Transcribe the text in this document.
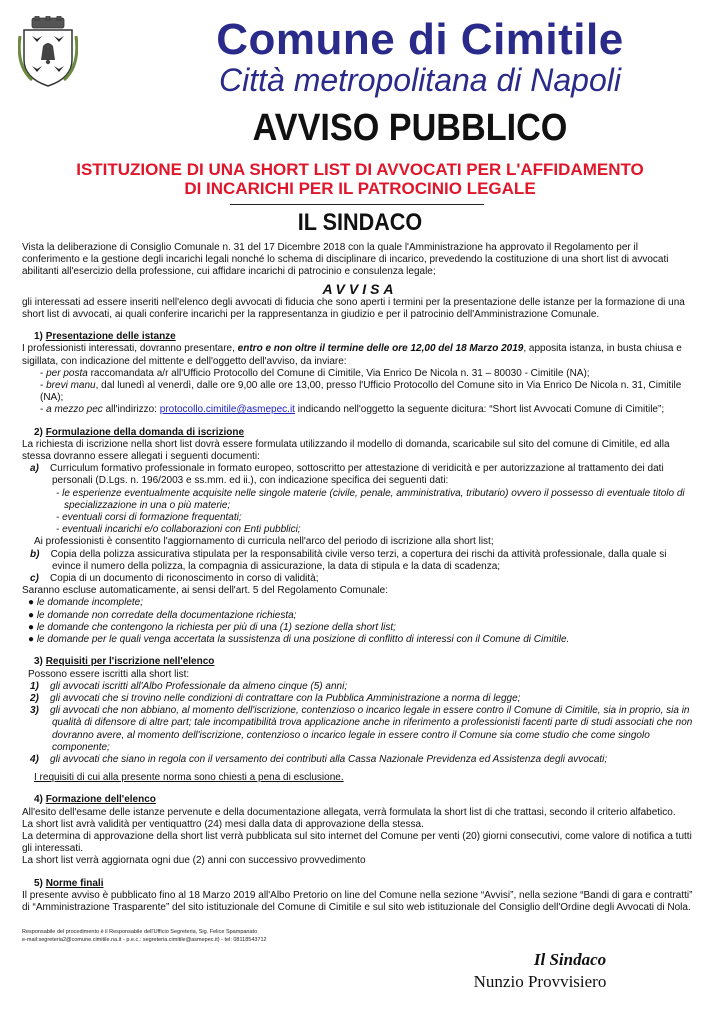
Comune di Cimitile
Città metropolitana di Napoli
AVVISO PUBBLICO
ISTITUZIONE DI UNA SHORT LIST DI AVVOCATI PER L'AFFIDAMENTO
DI INCARICHI PER IL PATROCINIO LEGALE
IL SINDACO

Vista la deliberazione di Consiglio Comunale n. 31 del 17 Dicembre 2018 con la quale l'Amministrazione ha approvato il Regolamento per il conferimento e la gestione degli incarichi legali nonché lo schema di disciplinare di incarico, prevedendo la costituzione di una short list di avvocati abilitanti all'esercizio della professione, cui affidare incarichi di patrocinio e consulenza legale;

AVVISA

gli interessati ad essere inseriti nell'elenco degli avvocati di fiducia che sono aperti i termini per la presentazione delle istanze per la formazione di una short list di avvocati, ai quali conferire incarichi per la rappresentanza in giudizio e per il patrocinio dell'Amministrazione Comunale.

1) Presentazione delle istanze

I professionisti interessati, dovranno presentare, entro e non oltre il termine delle ore 12,00 del 18 Marzo 2019, apposita istanza, in busta chiusa e sigillata, con indicazione del mittente e dell'oggetto dell'avviso, da inviare:

- per posta raccomandata a/r all'Ufficio Protocollo del Comune di Cimitile, Via Enrico De Nicola n. 31 – 80030 - Cimitile (NA);

- brevi manu, dal lunedì al venerdì, dalle ore 9,00 alle ore 13,00, presso l'Ufficio Protocollo del Comune sito in Via Enrico De Nicola n. 31, Cimitile (NA);

- a mezzo pec all'indirizzo: protocollo.cimitile@asmepec.it indicando nell'oggetto la seguente dicitura: “Short list Avvocati Comune di Cimitile”;

2) Formulazione della domanda di iscrizione

La richiesta di iscrizione nella short list dovrà essere formulata utilizzando il modello di domanda, scaricabile sul sito del comune di Cimitile, ed alla stessa dovranno essere allegati i seguenti documenti:

a) Curriculum formativo professionale in formato europeo, sottoscritto per attestazione di veridicità e per autorizzazione al trattamento dei dati personali (D.Lgs. n. 196/2003 e ss.mm. ed ii.), con indicazione specifica dei seguenti dati:

- le esperienze eventualmente acquisite nelle singole materie (civile, penale, amministrativa, tributario) ovvero il possesso di eventuale titolo di specializzazione in una o più materie;

- eventuali corsi di formazione frequentati;

- eventuali incarichi e/o collaborazioni con Enti pubblici;

Ai professionisti è consentito l'aggiornamento di curricula nell'arco del periodo di iscrizione alla short list;

b) Copia della polizza assicurativa stipulata per la responsabilità civile verso terzi, a copertura dei rischi da attività professionale, dalla quale si evince il numero della polizza, la compagnia di assicurazione, la data di stipula e la data di scadenza;

c) Copia di un documento di riconoscimento in corso di validità;

Saranno escluse automaticamente, ai sensi dell'art. 5 del Regolamento Comunale:

● le domande incomplete;

● le domande non corredate della documentazione richiesta;

● le domande che contengono la richiesta per più di una (1) sezione della short list;

● le domande per le quali venga accertata la sussistenza di una posizione di conflitto di interessi con il Comune di Cimitile.

3) Requisiti per l'iscrizione nell'elenco

Possono essere iscritti alla short list:

1) gli avvocati iscritti all'Albo Professionale da almeno cinque (5) anni;

2) gli avvocati che si trovino nelle condizioni di contrattare con la Pubblica Amministrazione a norma di legge;

3) gli avvocati che non abbiano, al momento dell'iscrizione, contenzioso o incarico legale in essere contro il Comune di Cimitile, sia in proprio, sia in qualità di difensore di altre part; tale incompatibilità trova applicazione anche in riferimento a professionisti facenti parte di studi associati che non dovranno avere, al momento dell'iscrizione, contenzioso o incarico legale in essere contro il Comune sia come studio che come singolo componente;

4) gli avvocati che siano in regola con il versamento dei contributi alla Cassa Nazionale Previdenza ed Assistenza degli avvocati;

I requisiti di cui alla presente norma sono chiesti a pena di esclusione.

4) Formazione dell'elenco

All'esito dell'esame delle istanze pervenute e della documentazione allegata, verrà formulata la short list di che trattasi, secondo il criterio alfabetico.

La short list avrà validità per ventiquattro (24) mesi dalla data di approvazione della stessa.

La determina di approvazione della short list verrà pubblicata sul sito internet del Comune per venti (20) giorni consecutivi, come valore di notifica a tutti gli interessati.

La short list verrà aggiornata ogni due (2) anni con successivo provvedimento

5) Norme finali

Il presente avviso è pubblicato fino al 18 Marzo 2019 all'Albo Pretorio on line del Comune nella sezione “Avvisi”, nella sezione “Bandi di gara e contratti” di “Amministrazione Trasparente” del sito istituzionale del Comune di Cimitile e sul sito web istituzionale del Consiglio dell'Ordine degli Avvocati di Nola.

Responsabile del procedimento è il Responsabile dell'Ufficio Segreteria, Sig. Felice Spampanato
e-mail:segreteria2@comune.cimitile.na.it - p.e.c.: segreteria.cimitile@asmepec.it) - tel: 08118543712
Il Sindaco
Nunzio Provvisiero
